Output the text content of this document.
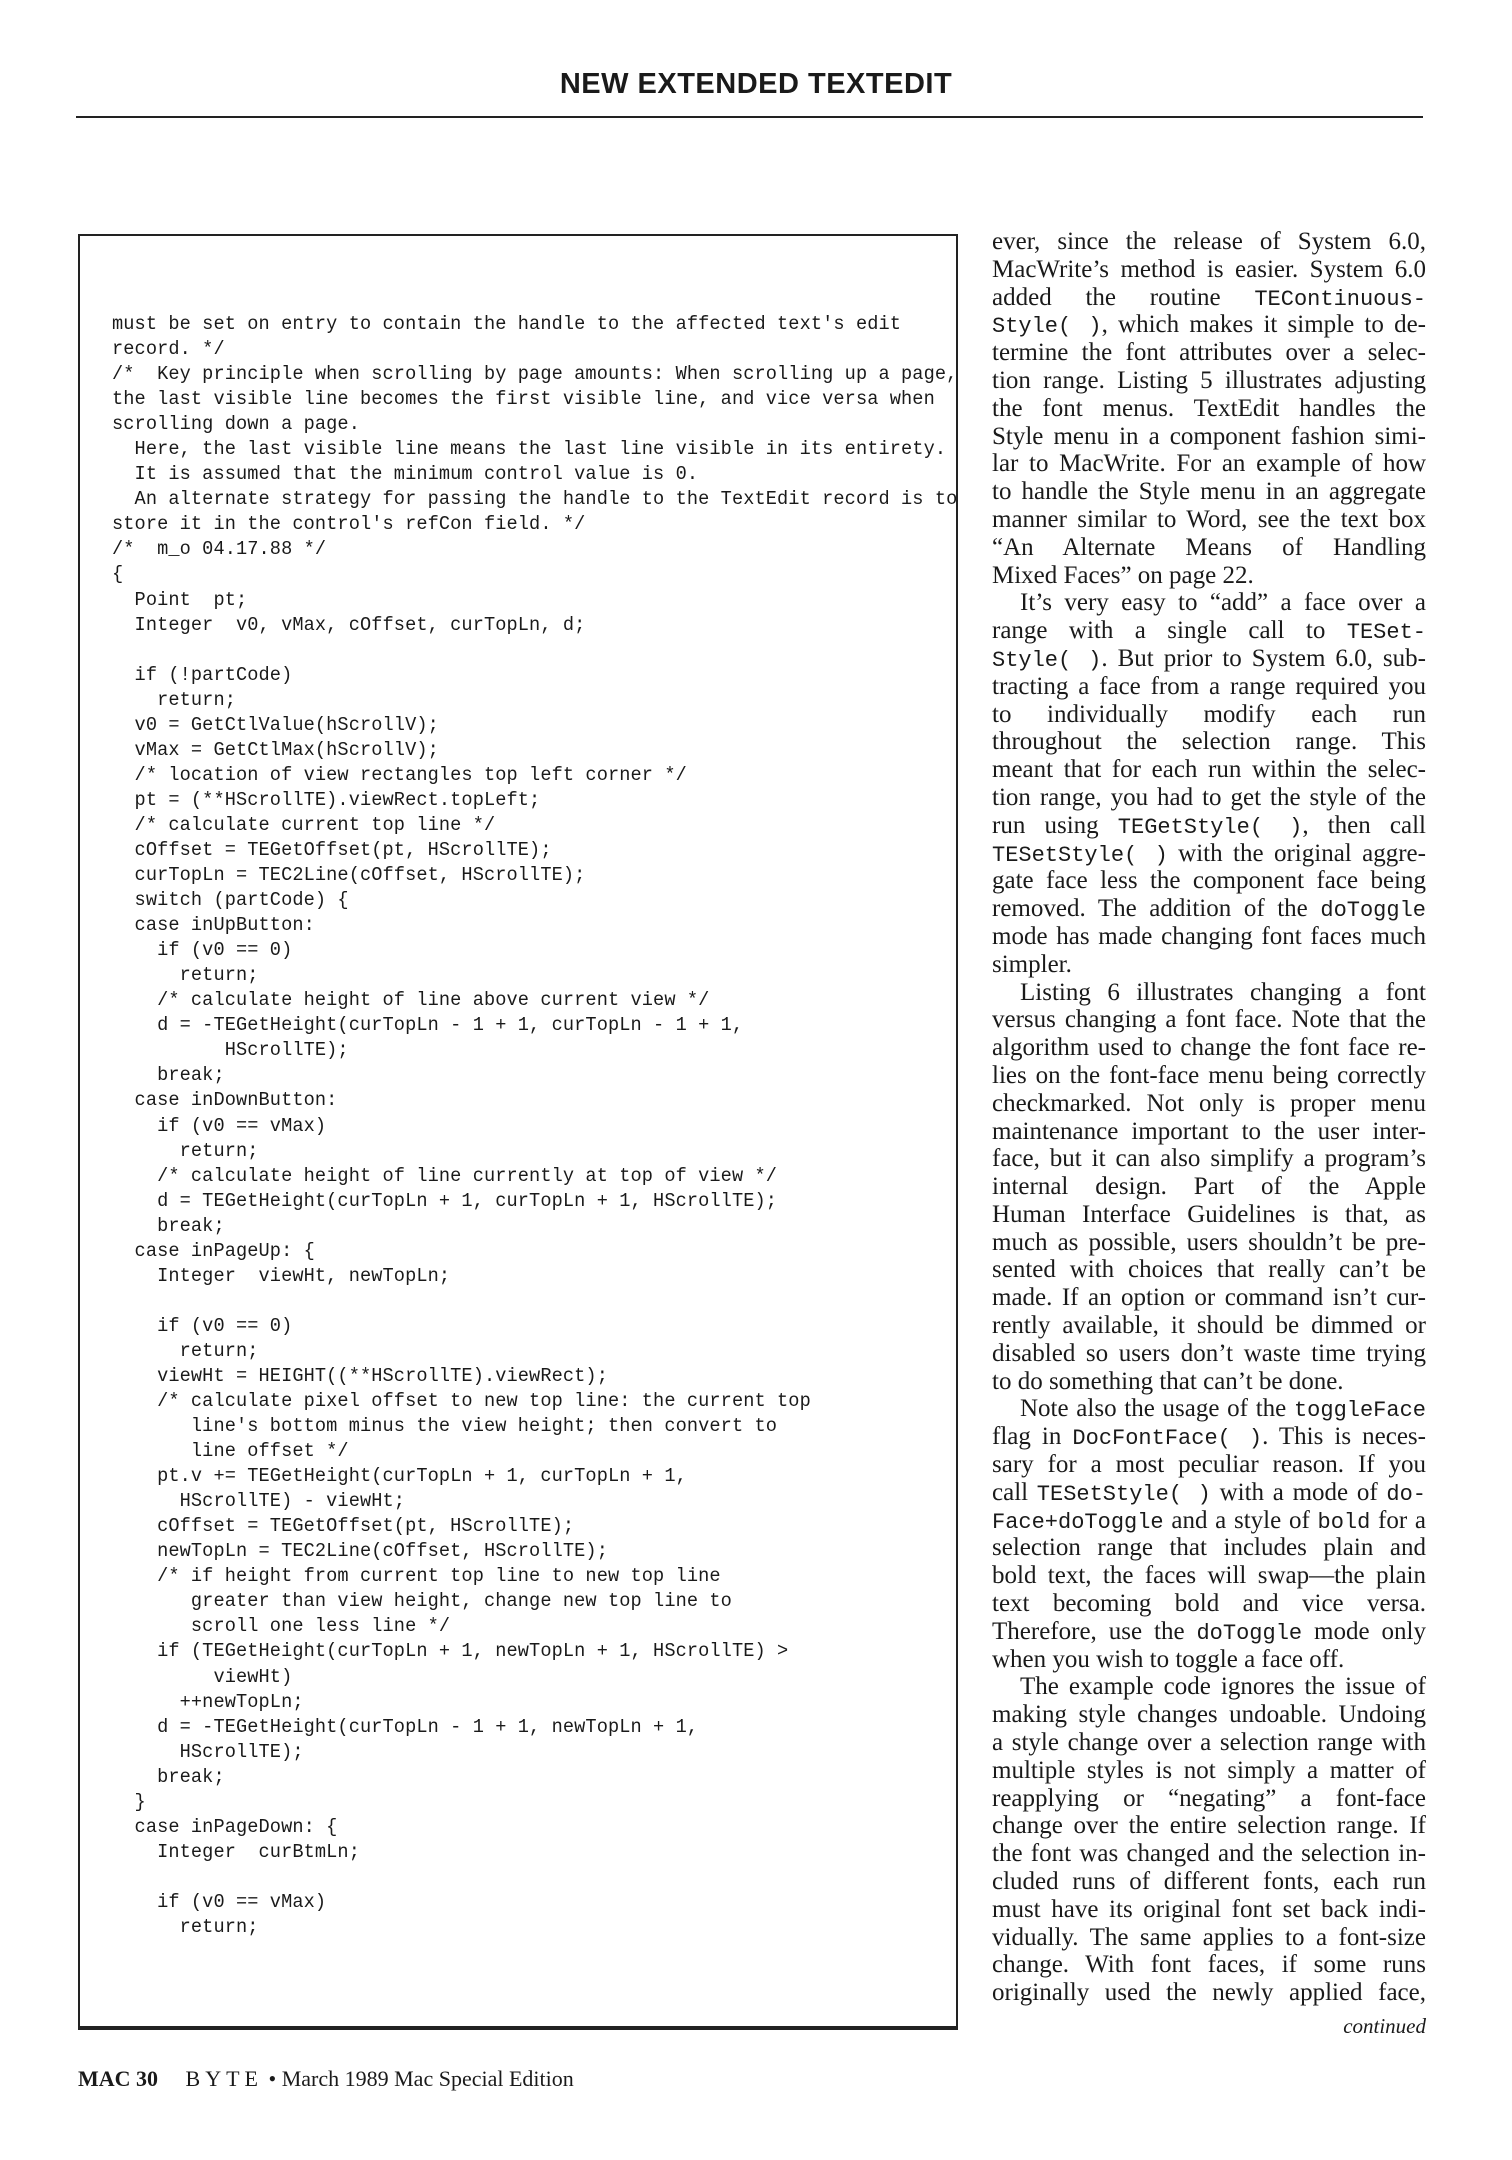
NEW EXTENDED TEXTEDIT
must be set on entry to contain the handle to the affected text's edit
record. */
/*  Key principle when scrolling by page amounts: When scrolling up a page,
the last visible line becomes the first visible line, and vice versa when
scrolling down a page.
Here, the last visible line means the last line visible in its entirety.
It is assumed that the minimum control value is 0.
An alternate strategy for passing the handle to the TextEdit record is to
store it in the control's refCon field. */
/*  m_o 04.17.88 */
{
Point  pt;
Integer  v0, vMax, cOffset, curTopLn, d;
if (!partCode)
return;
v0 = GetCtlValue(hScrollV);
vMax = GetCtlMax(hScrollV);
/* location of view rectangles top left corner */
pt = (**HScrollTE).viewRect.topLeft;
/* calculate current top line */
cOffset = TEGetOffset(pt, HScrollTE);
curTopLn = TEC2Line(cOffset, HScrollTE);
switch (partCode) {
case inUpButton:
if (v0 == 0)
return;
/* calculate height of line above current view */
d = -TEGetHeight(curTopLn - 1 + 1, curTopLn - 1 + 1,
HScrollTE);
break;
case inDownButton:
if (v0 == vMax)
return;
/* calculate height of line currently at top of view */
d = TEGetHeight(curTopLn + 1, curTopLn + 1, HScrollTE);
break;
case inPageUp: {
Integer  viewHt, newTopLn;
if (v0 == 0)
return;
viewHt = HEIGHT((**HScrollTE).viewRect);
/* calculate pixel offset to new top line: the current top
line's bottom minus the view height; then convert to
line offset */
pt.v += TEGetHeight(curTopLn + 1, curTopLn + 1,
HScrollTE) - viewHt;
cOffset = TEGetOffset(pt, HScrollTE);
newTopLn = TEC2Line(cOffset, HScrollTE);
/* if height from current top line to new top line
greater than view height, change new top line to
scroll one less line */
if (TEGetHeight(curTopLn + 1, newTopLn + 1, HScrollTE) >
viewHt)
++newTopLn;
d = -TEGetHeight(curTopLn - 1 + 1, newTopLn + 1,
HScrollTE);
break;
}
case inPageDown: {
Integer  curBtmLn;
if (v0 == vMax)
return;
ever, since the release of System 6.0,
MacWrite’s method is easier. System 6.0
added the routine TEContinuous-
Style( ), which makes it simple to de-
termine the font attributes over a selec-
tion range. Listing 5 illustrates adjusting
the font menus. TextEdit handles the
Style menu in a component fashion simi-
lar to MacWrite. For an example of how
to handle the Style menu in an aggregate
manner similar to Word, see the text box
“An Alternate Means of Handling
Mixed Faces” on page 22.
It’s very easy to “add” a face over a
range with a single call to TESet-
Style( ). But prior to System 6.0, sub-
tracting a face from a range required you
to individually modify each run
throughout the selection range. This
meant that for each run within the selec-
tion range, you had to get the style of the
run using TEGetStyle( ), then call
TESetStyle( ) with the original aggre-
gate face less the component face being
removed. The addition of the doToggle
mode has made changing font faces much
simpler.
Listing 6 illustrates changing a font
versus changing a font face. Note that the
algorithm used to change the font face re-
lies on the font-face menu being correctly
checkmarked. Not only is proper menu
maintenance important to the user inter-
face, but it can also simplify a program’s
internal design. Part of the Apple
Human Interface Guidelines is that, as
much as possible, users shouldn’t be pre-
sented with choices that really can’t be
made. If an option or command isn’t cur-
rently available, it should be dimmed or
disabled so users don’t waste time trying
to do something that can’t be done.
Note also the usage of the toggleFace
flag in DocFontFace( ). This is neces-
sary for a most peculiar reason. If you
call TESetStyle( ) with a mode of do-
Face+doToggle and a style of bold for a
selection range that includes plain and
bold text, the faces will swap—the plain
text becoming bold and vice versa.
Therefore, use the doToggle mode only
when you wish to toggle a face off.
The example code ignores the issue of
making style changes undoable. Undoing
a style change over a selection range with
multiple styles is not simply a matter of
reapplying or “negating” a font-face
change over the entire selection range. If
the font was changed and the selection in-
cluded runs of different fonts, each run
must have its original font set back indi-
vidually. The same applies to a font-size
change. With font faces, if some runs
originally used the newly applied face,
continued
MAC 30 BYTE • March 1989 Mac Special Edition
